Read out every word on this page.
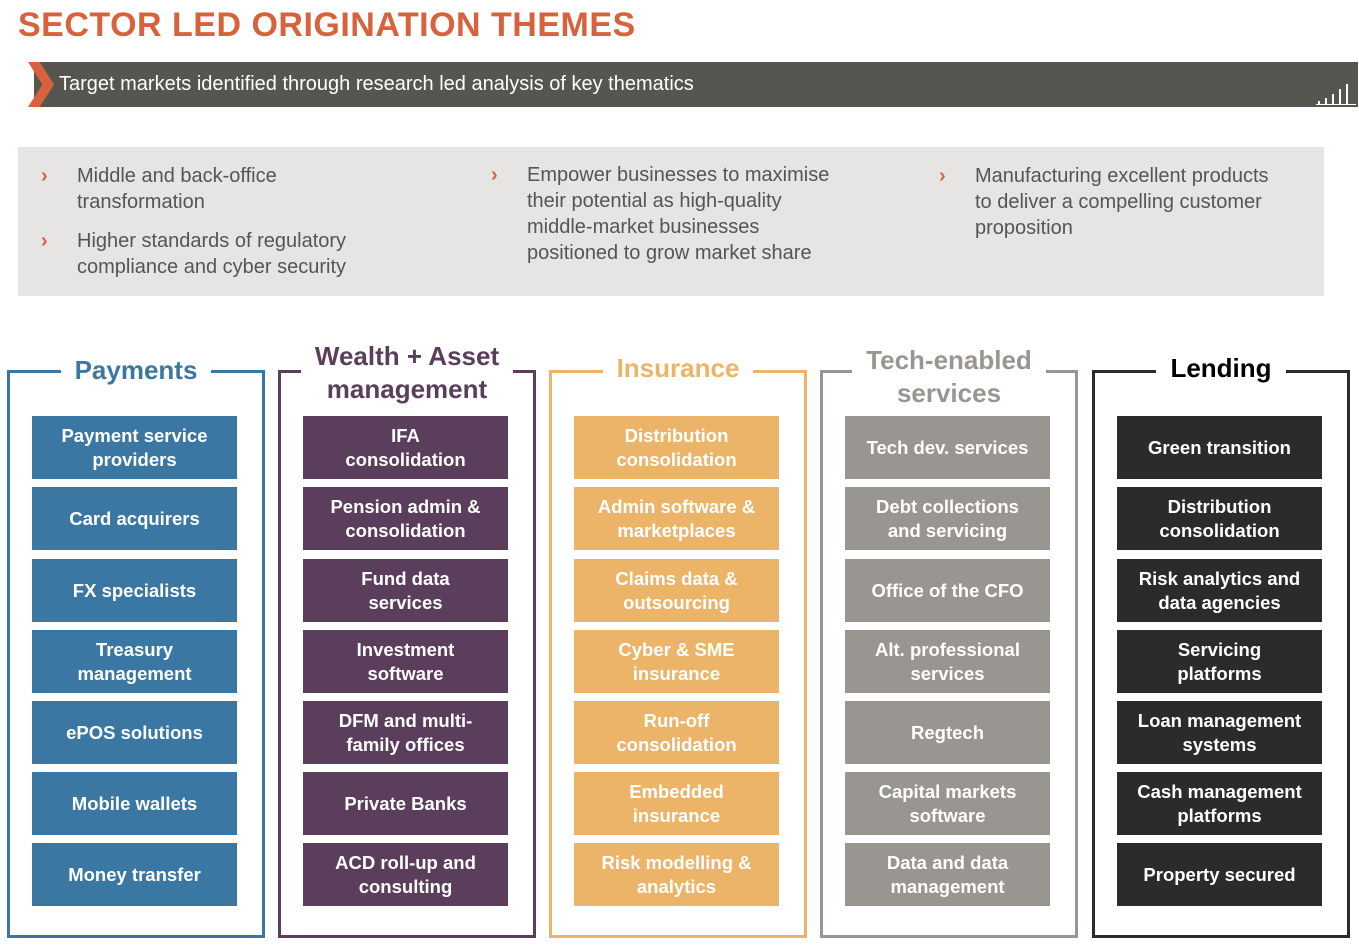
SECTOR LED ORIGINATION THEMES
Target markets identified through research led analysis of key thematics
›	Middle and back-office
transformation
›	Higher standards of regulatory
compliance and cyber security
›	Empower businesses to maximise
their potential as high-quality
middle-market businesses
positioned to grow market share
›	Manufacturing excellent products
to deliver a compelling customer
proposition
Payments
Payment service
providers
Card acquirers
FX specialists
Treasury
management
ePOS solutions
Mobile wallets
Money transfer
Wealth + Asset
management
IFA
consolidation
Pension admin &
consolidation
Fund data
services
Investment
software
DFM and multi-
family offices
Private Banks
ACD roll-up and
consulting
Insurance
Distribution
consolidation
Admin software &
marketplaces
Claims data &
outsourcing
Cyber & SME
insurance
Run-off
consolidation
Embedded
insurance
Risk modelling &
analytics
Tech-enabled
services
Tech dev. services
Debt collections
and servicing
Office of the CFO
Alt. professional
services
Regtech
Capital markets
software
Data and data
management
Lending
Green transition
Distribution
consolidation
Risk analytics and
data agencies
Servicing
platforms
Loan management
systems
Cash management
platforms
Property secured
